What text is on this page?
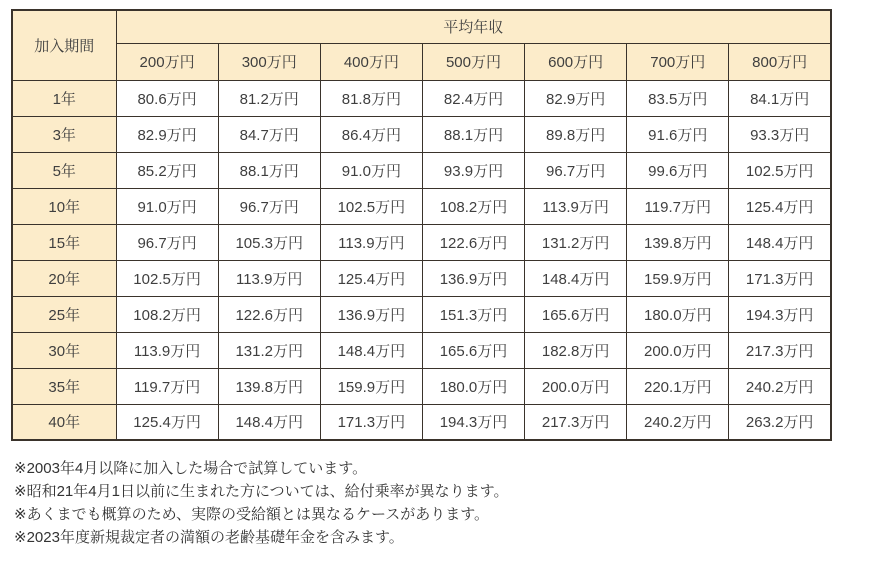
加入期間	平均年収						
	200万円	300万円	400万円	500万円	600万円	700万円	800万円
1年	80.6万円	81.2万円	81.8万円	82.4万円	82.9万円	83.5万円	84.1万円
3年	82.9万円	84.7万円	86.4万円	88.1万円	89.8万円	91.6万円	93.3万円
5年	85.2万円	88.1万円	91.0万円	93.9万円	96.7万円	99.6万円	102.5万円
10年	91.0万円	96.7万円	102.5万円	108.2万円	113.9万円	119.7万円	125.4万円
15年	96.7万円	105.3万円	113.9万円	122.6万円	131.2万円	139.8万円	148.4万円
20年	102.5万円	113.9万円	125.4万円	136.9万円	148.4万円	159.9万円	171.3万円
25年	108.2万円	122.6万円	136.9万円	151.3万円	165.6万円	180.0万円	194.3万円
30年	113.9万円	131.2万円	148.4万円	165.6万円	182.8万円	200.0万円	217.3万円
35年	119.7万円	139.8万円	159.9万円	180.0万円	200.0万円	220.1万円	240.2万円
40年	125.4万円	148.4万円	171.3万円	194.3万円	217.3万円	240.2万円	263.2万円

※2003年4月以降に加入した場合で試算しています。

※昭和21年4月1日以前に生まれた方については、給付乗率が異なります。

※あくまでも概算のため、実際の受給額とは異なるケースがあります。

※2023年度新規裁定者の満額の老齢基礎年金を含みます。
